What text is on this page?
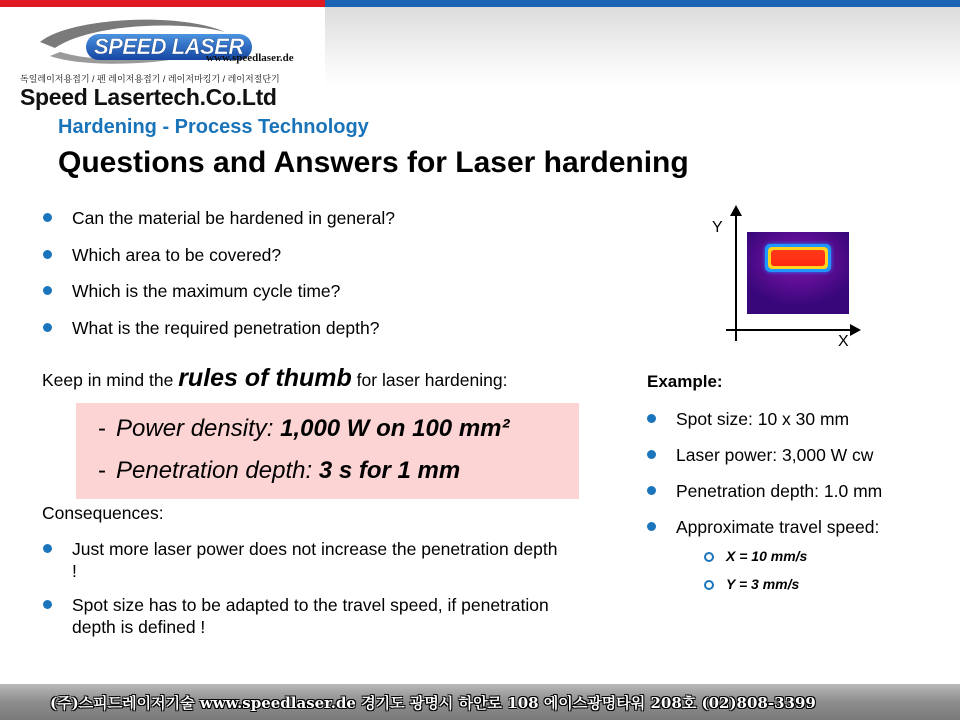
SPEED LASER
www.speedlaser.de
독일레이저용접기 / 펜 레이저용접기 / 레이저마킹기 / 레이저절단기
Speed Lasertech.Co.Ltd
Hardening - Process Technology
Questions and Answers for Laser hardening
Can the material be hardened in general?
Which area to be covered?
Which is the maximum cycle time?
What is the required penetration depth?
Keep in mind the rules of thumb for laser hardening:
- Power density: 1,000 W on 100 mm²
- Penetration depth: 3 s for 1 mm
Consequences:
Just more laser power does not increase the penetration depth !
Spot size has to be adapted to the travel speed, if penetration depth is defined !
Y
X
Example:
Spot size: 10 x 30 mm
Laser power: 3,000 W cw
Penetration depth: 1.0 mm
Approximate travel speed:
X = 10 mm/s
Y = 3 mm/s
(주)스피드레이저기술 www.speedlaser.de 경기도 광명시 하안로 108 에이스광명타워 208호 (02)808-3399
